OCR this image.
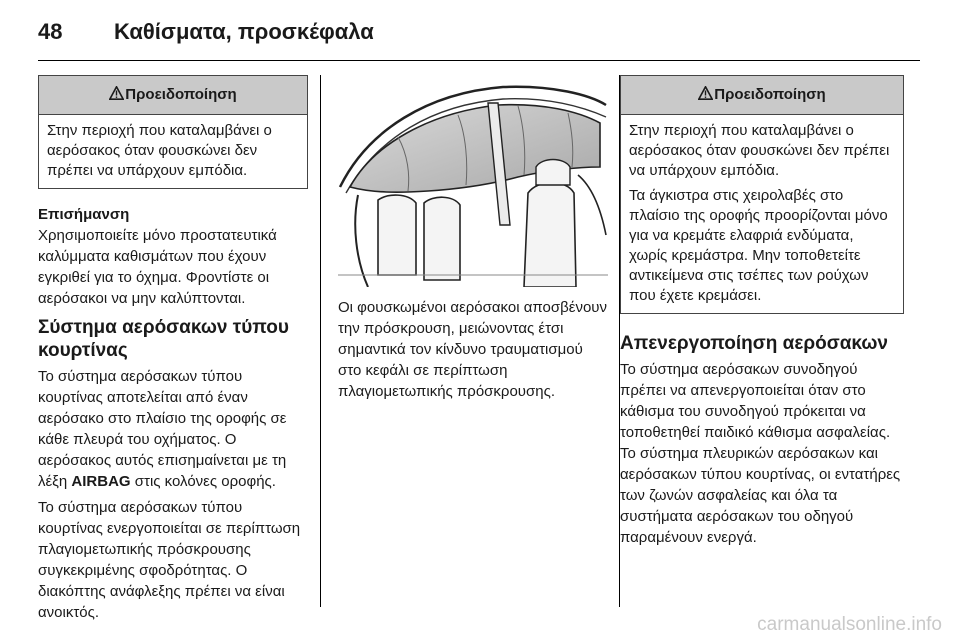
48	Καθίσματα, προσκέφαλα
Προειδοποίηση

Στην περιοχή που καταλαμβάνει ο αερόσακος όταν φουσκώνει δεν πρέπει να υπάρχουν εμπόδια.

Επισήμανση

Χρησιμοποιείτε μόνο προστατευτικά καλύμματα καθισμάτων που έχουν εγκριθεί για το όχημα. Φροντίστε οι αερόσακοι να μην καλύπτονται.

Σύστημα αερόσακων τύπου κουρτίνας

Το σύστημα αερόσακων τύπου κουρτίνας αποτελείται από έναν αερόσακο στο πλαίσιο της οροφής σε κάθε πλευρά του οχήματος. Ο αερόσακος αυτός επισημαίνεται με τη λέξη AIRBAG στις κολόνες οροφής.

Το σύστημα αερόσακων τύπου κουρτίνας ενεργοποιείται σε περίπτωση πλαγιομετωπικής πρόσκρουσης συγκεκριμένης σφοδρότητας. Ο διακόπτης ανάφλεξης πρέπει να είναι ανοικτός.

Οι φουσκωμένοι αερόσακοι αποσβένουν την πρόσκρουση, μειώνοντας έτσι σημαντικά τον κίνδυνο τραυματισμού στο κεφάλι σε περίπτωση πλαγιομετωπικής πρόσκρουσης.
Προειδοποίηση

Στην περιοχή που καταλαμβάνει ο αερόσακος όταν φουσκώνει δεν πρέπει να υπάρχουν εμπόδια.

Τα άγκιστρα στις χειρολαβές στο πλαίσιο της οροφής προορίζονται μόνο για να κρεμάτε ελαφριά ενδύματα, χωρίς κρεμάστρα. Μην τοποθετείτε αντικείμενα στις τσέπες των ρούχων που έχετε κρεμάσει.

Απενεργοποίηση αερόσακων
Το σύστημα αερόσακων συνοδηγού πρέπει να απενεργοποιείται όταν στο κάθισμα του συνοδηγού πρόκειται να τοποθετηθεί παιδικό κάθισμα ασφαλείας. Το σύστημα πλευρικών αερόσακων και αερόσακων τύπου κουρτίνας, οι εντατήρες των ζωνών ασφαλείας και όλα τα συστήματα αερόσακων του οδηγού παραμένουν ενεργά.
carmanualsonline.info
